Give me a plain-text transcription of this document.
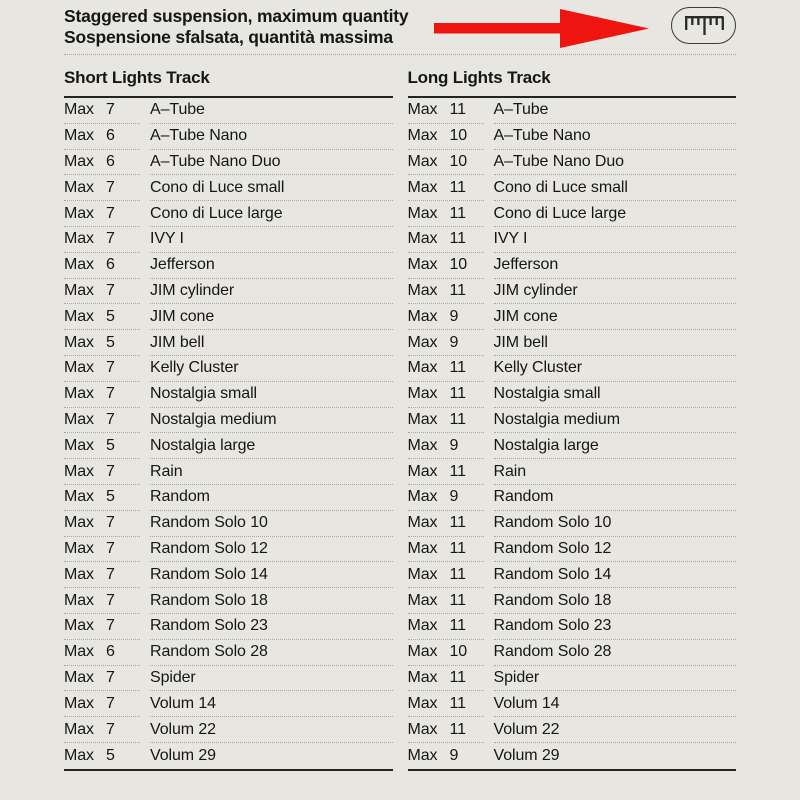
Staggered suspension, maximum quantity
Sospensione sfalsata, quantità massima
Short Lights Track
Max 7 A–Tube
Max 6 A–Tube Nano
Max 6 A–Tube Nano Duo
Max 7 Cono di Luce small
Max 7 Cono di Luce large
Max 7 IVY I
Max 6 Jefferson
Max 7 JIM cylinder
Max 5 JIM cone
Max 5 JIM bell
Max 7 Kelly Cluster
Max 7 Nostalgia small
Max 7 Nostalgia medium
Max 5 Nostalgia large
Max 7 Rain
Max 5 Random
Max 7 Random Solo 10
Max 7 Random Solo 12
Max 7 Random Solo 14
Max 7 Random Solo 18
Max 7 Random Solo 23
Max 6 Random Solo 28
Max 7 Spider
Max 7 Volum 14
Max 7 Volum 22
Max 5 Volum 29
Long Lights Track
Max 11 A–Tube
Max 10 A–Tube Nano
Max 10 A–Tube Nano Duo
Max 11 Cono di Luce small
Max 11 Cono di Luce large
Max 11 IVY I
Max 10 Jefferson
Max 11 JIM cylinder
Max 9 JIM cone
Max 9 JIM bell
Max 11 Kelly Cluster
Max 11 Nostalgia small
Max 11 Nostalgia medium
Max 9 Nostalgia large
Max 11 Rain
Max 9 Random
Max 11 Random Solo 10
Max 11 Random Solo 12
Max 11 Random Solo 14
Max 11 Random Solo 18
Max 11 Random Solo 23
Max 10 Random Solo 28
Max 11 Spider
Max 11 Volum 14
Max 11 Volum 22
Max 9 Volum 29
